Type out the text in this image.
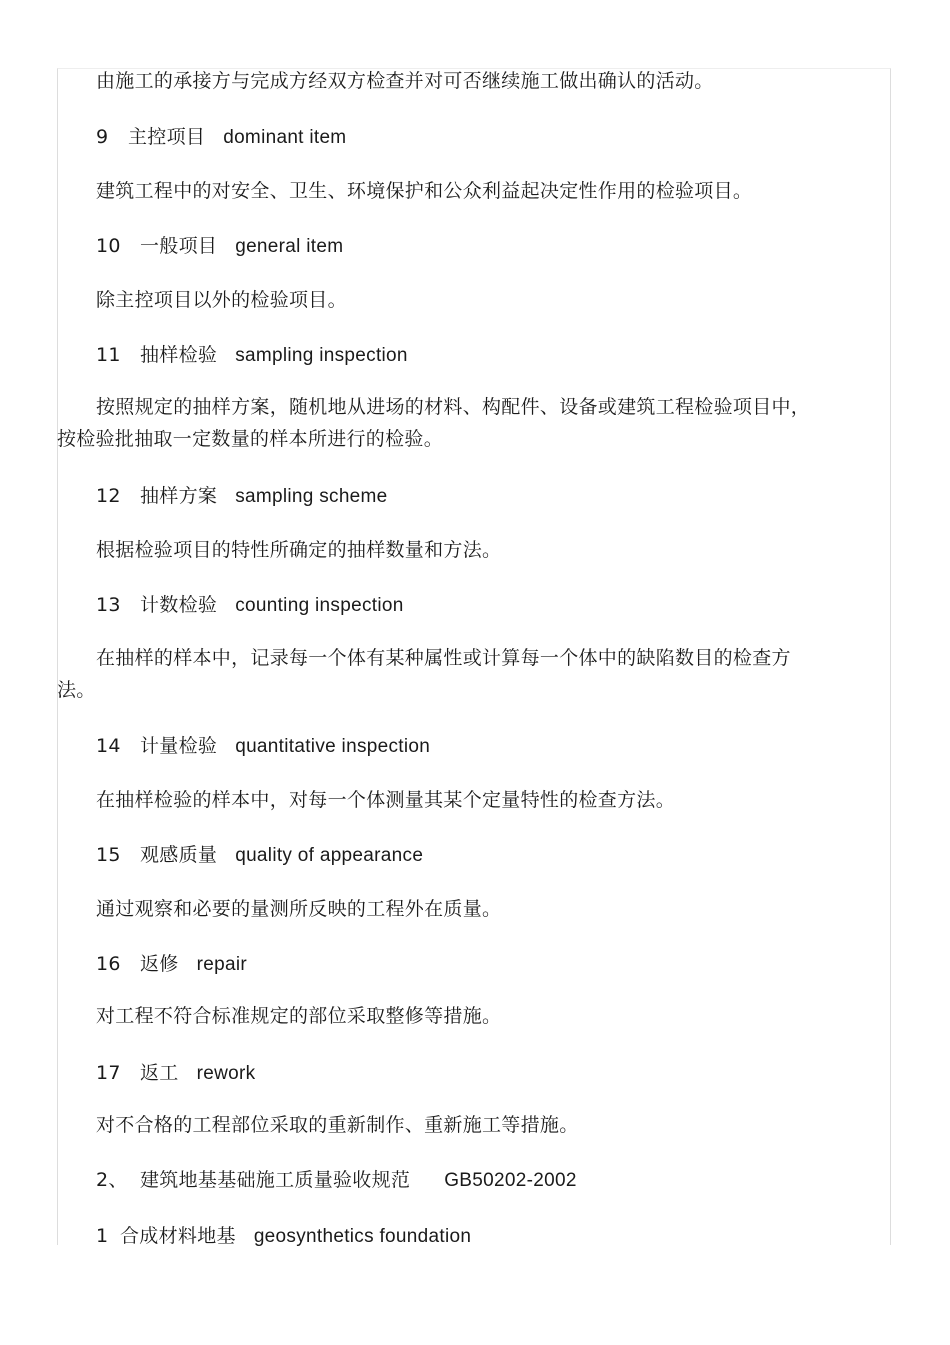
由施工的承接方与完成方经双方检查并对可否继续施工做出确认的活动。
9 主控项目 dominant item
建筑工程中的对安全、卫生、环境保护和公众利益起决定性作用的检验项目。
10 一般项目 general item
除主控项目以外的检验项目。
11 抽样检验 sampling inspection
按照规定的抽样方案，随机地从进场的材料、构配件、设备或建筑工程检验项目中，
按检验批抽取一定数量的样本所进行的检验。
12 抽样方案 sampling scheme
根据检验项目的特性所确定的抽样数量和方法。
13 计数检验 counting inspection
在抽样的样本中，记录每一个体有某种属性或计算每一个体中的缺陷数目的检查方
法。
14 计量检验 quantitative inspection
在抽样检验的样本中，对每一个体测量其某个定量特性的检查方法。
15 观感质量 quality of appearance
通过观察和必要的量测所反映的工程外在质量。
16 返修 repair
对工程不符合标准规定的部位采取整修等措施。
17 返工 rework
对不合格的工程部位采取的重新制作、重新施工等措施。
2、 建筑地基基础施工质量验收规范 GB50202-2002
1 合成材料地基 geosynthetics foundation
